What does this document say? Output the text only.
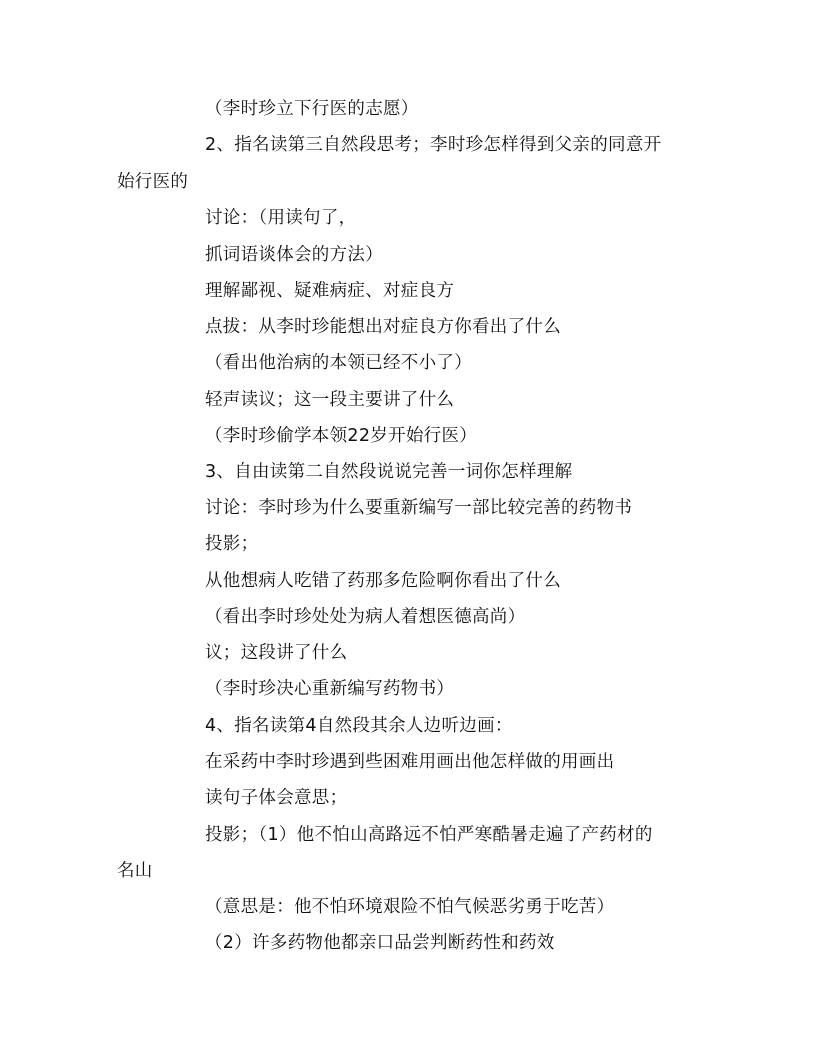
（李时珍立下行医的志愿）
2、指名读第三自然段思考；李时珍怎样得到父亲的同意开
始行医的
讨论：（用读句了，
抓词语谈体会的方法）
理解鄙视、疑难病症、对症良方
点拔：从李时珍能想出对症良方你看出了什么
（看出他治病的本领已经不小了）
轻声读议；这一段主要讲了什么
（李时珍偷学本领22岁开始行医）
3、自由读第二自然段说说完善一词你怎样理解
讨论：李时珍为什么要重新编写一部比较完善的药物书
投影；
从他想病人吃错了药那多危险啊你看出了什么
（看出李时珍处处为病人着想医德高尚）
议；这段讲了什么
（李时珍决心重新编写药物书）
4、指名读第4自然段其余人边听边画：
在采药中李时珍遇到些困难用画出他怎样做的用画出
读句子体会意思；
投影；（1）他不怕山高路远不怕严寒酷暑走遍了产药材的
名山
（意思是：他不怕环境艰险不怕气候恶劣勇于吃苦）
（2）许多药物他都亲口品尝判断药性和药效
